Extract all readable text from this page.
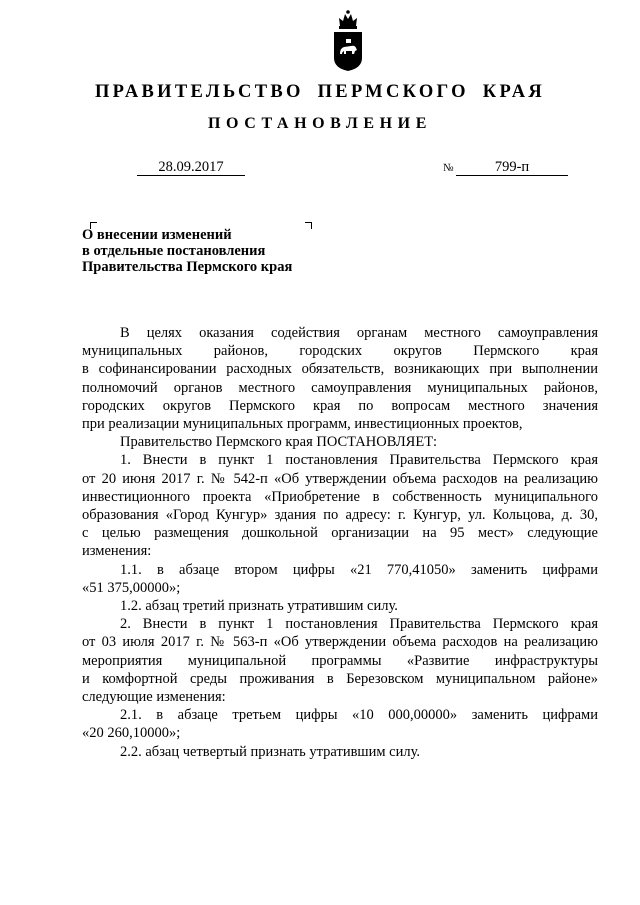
ПРАВИТЕЛЬСТВО ПЕРМСКОГО КРАЯ
ПОСТАНОВЛЕНИЕ
28.09.2017	№	799-п
О внесении изменений
в отдельные постановления
Правительства Пермского края

В целях оказания содействия органам местного самоуправления

муниципальных районов, городских округов Пермского края

в софинансировании расходных обязательств, возникающих при выполнении

полномочий органов местного самоуправления муниципальных районов,

городских округов Пермского края по вопросам местного значения

при реализации муниципальных программ, инвестиционных проектов,

Правительство Пермского края ПОСТАНОВЛЯЕТ:

1. Внести в пункт 1 постановления Правительства Пермского края

от 20 июня 2017 г. № 542-п «Об утверждении объема расходов на реализацию

инвестиционного проекта «Приобретение в собственность муниципального

образования «Город Кунгур» здания по адресу: г. Кунгур, ул. Кольцова, д. 30,

с целью размещения дошкольной организации на 95 мест» следующие

изменения:

1.1. в абзаце втором цифры «21 770,41050» заменить цифрами

«51 375,00000»;

1.2. абзац третий признать утратившим силу.

2. Внести в пункт 1 постановления Правительства Пермского края

от 03 июля 2017 г. № 563-п «Об утверждении объема расходов на реализацию

мероприятия муниципальной программы «Развитие инфраструктуры

и комфортной среды проживания в Березовском муниципальном районе»

следующие изменения:

2.1. в абзаце третьем цифры «10 000,00000» заменить цифрами

«20 260,10000»;

2.2. абзац четвертый признать утратившим силу.
